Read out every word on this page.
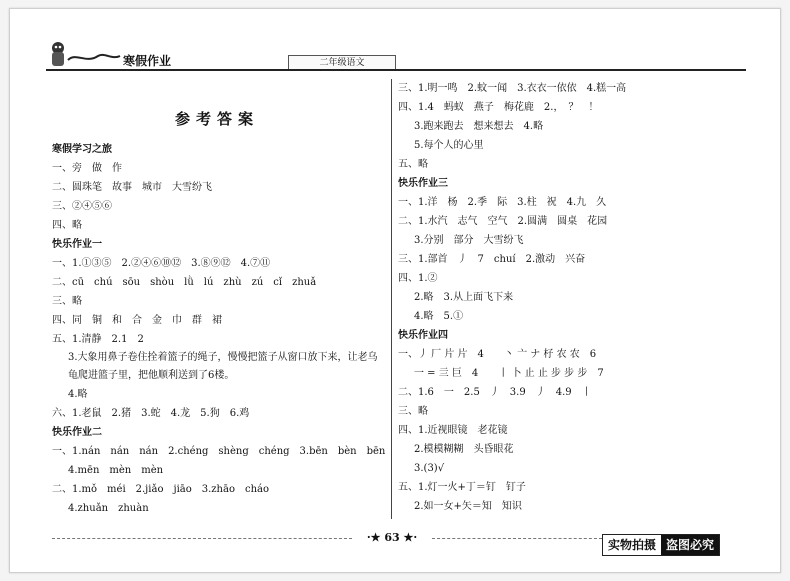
寒假作业	二年级语文
参考答案
寒假学习之旅
一、旁　做　作
二、圆珠笔　故事　城市　大雪纷飞
三、②④⑤⑥
四、略
快乐作业一
一、1.①③⑤　2.②④⑥⑩⑫　3.⑧⑨⑫　4.⑦⑪
二、cū　chú　sōu　shòu　lǜ　lú　zhù　zú　cǐ　zhuǎ
三、略
四、同　铜　和　合　金　巾　群　裙
五、1.清静　2.1　2
3.大象用鼻子卷住拴着篮子的绳子，慢慢把篮子从窗口放下来，让老乌龟爬进篮子里，把他顺利送到了6楼。
4.略
六、1.老鼠　2.猪　3.蛇　4.龙　5.狗　6.鸡
快乐作业二
一、1.nán　nán　nán　2.chéng　shèng　chéng　3.bēn　bèn　bēn
4.mēn　mèn　mèn
二、1.mǒ　méi　2.jiǎo　jiāo　3.zhāo　cháo
4.zhuǎn　zhuàn
三、1.明一鸣　2.蚊一闻　3.衣衣一依依　4.糕一高
四、1.4　蚂蚁　燕子　梅花鹿　2.，　？　！
3.跑来跑去　想来想去　4.略
5.每个人的心里
五、略
快乐作业三
一、1.洋　杨　2.季　际　3.柱　祝　4.九　久
二、1.水汽　志气　空气　2.圆满　圆桌　花园
3.分别　部分　大雪纷飞
三、1.部首　丿　7　chuí　2.激动　兴奋
四、1.②
2.略　3.从上面飞下来
4.略　5.①
快乐作业四
一、丿 厂 片 片　4　　丶 亠 ナ 杍 农 农　6
一 = 亖 巨　4　　丨 卜 止 止 步 步 步　7
二、1.6　一　2.5　丿　3.9　丿　4.9　丨
三、略
四、1.近视眼镜　老花镜
2.模模糊糊　头昏眼花
3.(3)√
五、1.灯一火+丁＝钉　钉子
2.如一女+矢＝知　知识
·★ 63 ★·
实物拍摄 盗图必究
